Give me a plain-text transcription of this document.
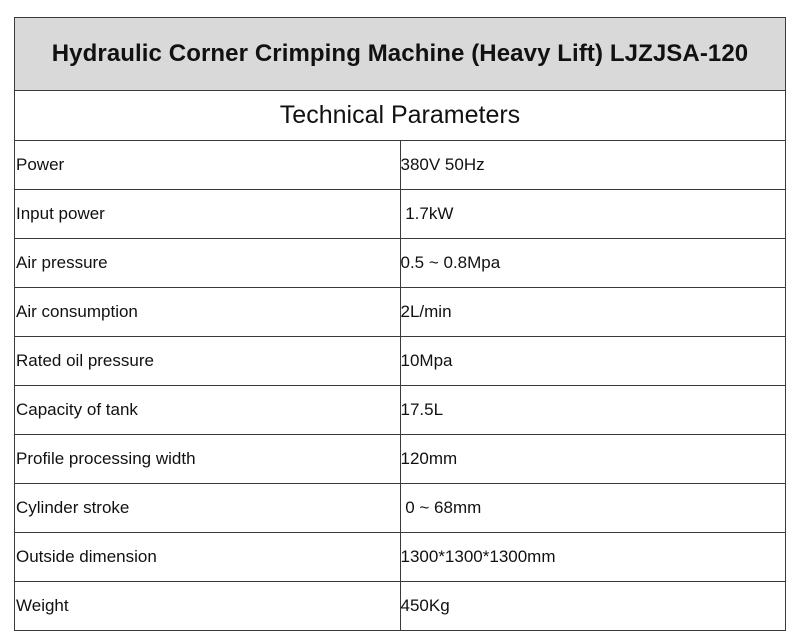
Hydraulic Corner Crimping Machine (Heavy Lift) LJZJSA-120	
Technical Parameters	
Power	380V 50Hz
Input power	1.7kW
Air pressure	0.5 ~ 0.8Mpa
Air consumption	2L/min
Rated oil pressure	10Mpa
Capacity of tank	17.5L
Profile processing width	120mm
Cylinder stroke	0 ~ 68mm
Outside dimension	1300*1300*1300mm
Weight	450Kg
